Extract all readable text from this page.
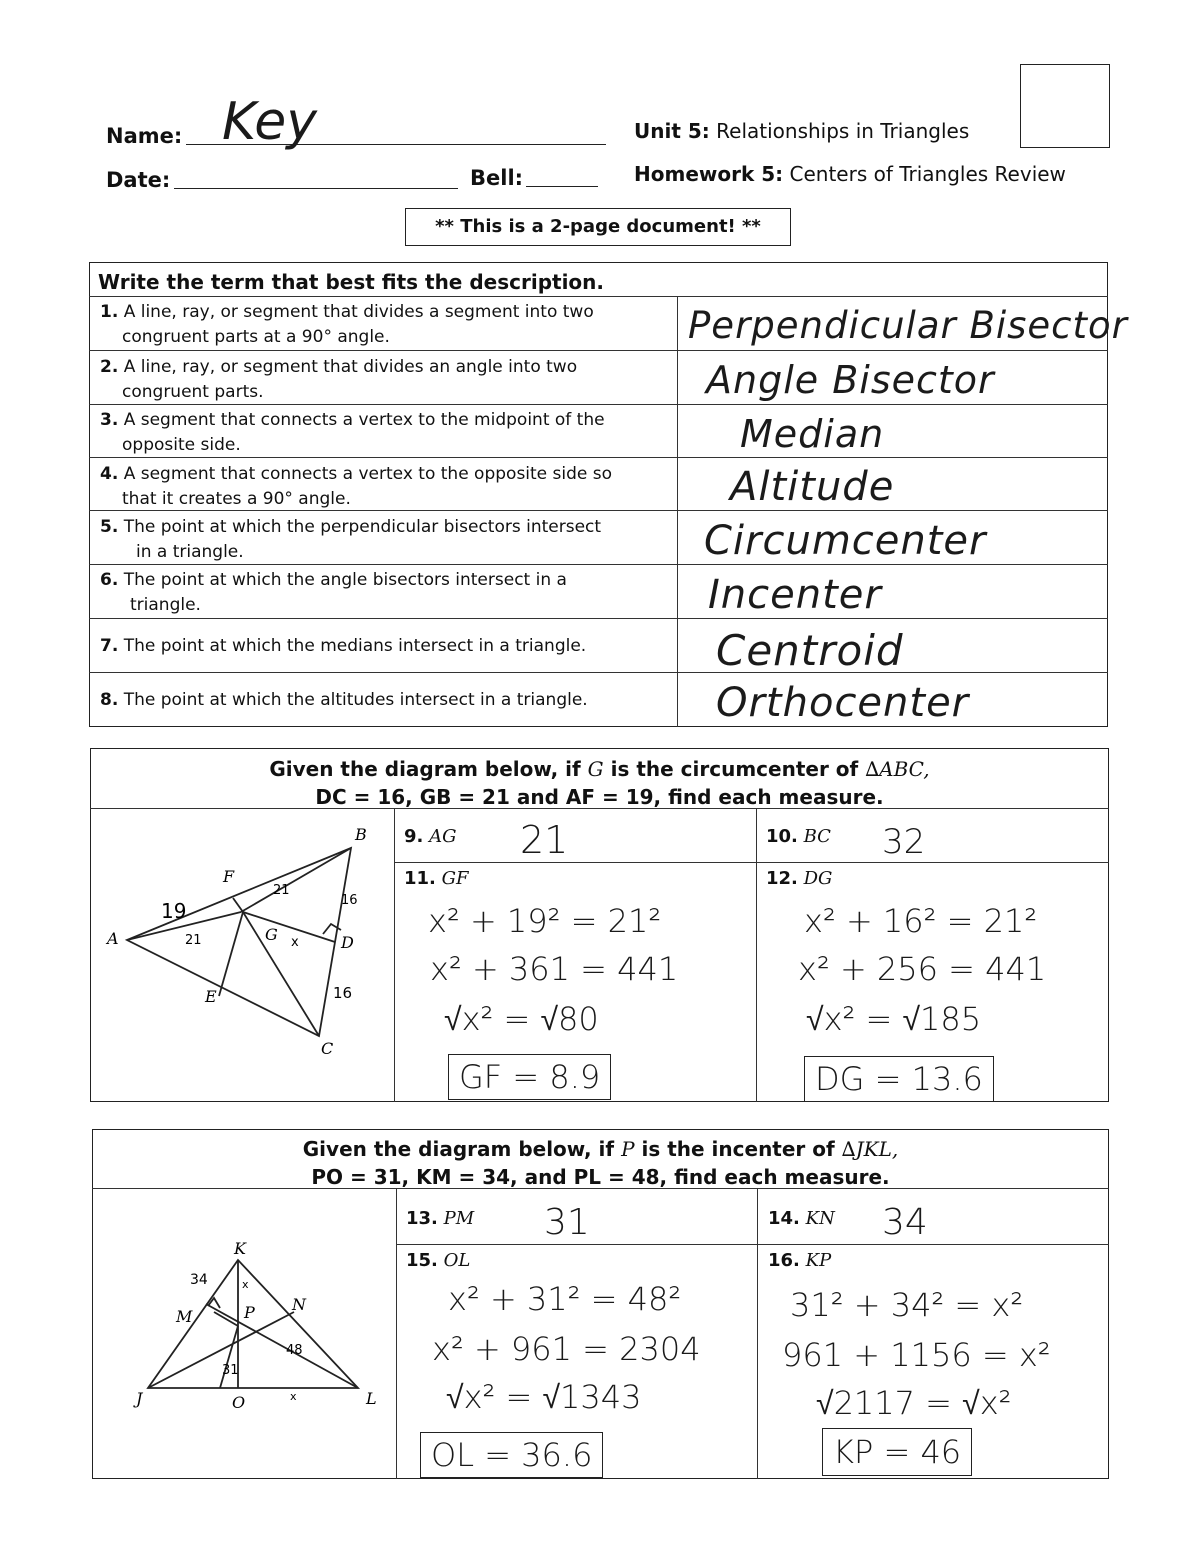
Name: Key
Date:	Bell:
Unit 5: Relationships in Triangles
Homework 5: Centers of Triangles Review
** This is a 2-page document! **
Write the term that best fits the description.
1. A line, ray, or segment that divides a segment into two
congruent parts at a 90° angle.	Perpendicular Bisector
2. A line, ray, or segment that divides an angle into two
congruent parts.	Angle Bisector
3. A segment that connects a vertex to the midpoint of the
opposite side.	Median
4. A segment that connects a vertex to the opposite side so
that it creates a 90° angle.	Altitude
5. The point at which the perpendicular bisectors intersect
in a triangle.	Circumcenter
6. The point at which the angle bisectors intersect in a
triangle.	Incenter
7. The point at which the medians intersect in a triangle.	Centroid
8. The point at which the altitudes intersect in a triangle.	Orthocenter
Given the diagram below, if G is the circumcenter of ∆ABC,
DC = 16, GB = 21 and AF = 19, find each measure.
A
B
C
D
E
F
G
19
21
21
16
16
x
9. AG 21	10. BC 32
11. GF
x² + 19² = 21²
x² + 361 = 441
√x² = √80
GF = 8.9
12. DG
x² + 16² = 21²
x² + 256 = 441
√x² = √185
DG = 13.6
Given the diagram below, if P is the incenter of ∆JKL,
PO = 31, KM = 34, and PL = 48, find each measure.
K
J	L
M
N
O
P
34
31
48
x
x
13. PM 31	14. KN 34
15. OL
x² + 31² = 48²
x² + 961 = 2304
√x² = √1343
OL = 36.6
16. KP
31² + 34² = x²
961 + 1156 = x²
√2117 = √x²
KP = 46
